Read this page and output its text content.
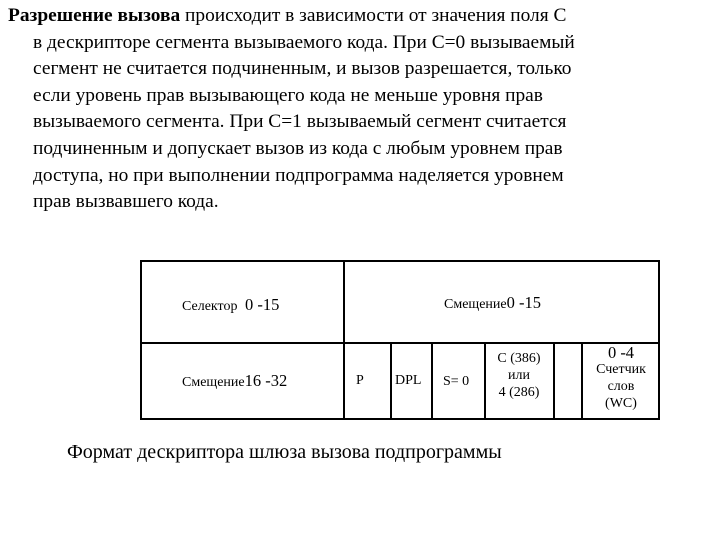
Разрешение вызова происходит в зависимости от значения поля С
в дескрипторе сегмента вызываемого кода. При С=0 вызываемый
сегмент не считается подчиненным, и вызов разрешается, только
если уровень прав вызывающего кода не меньше уровня прав
вызываемого сегмента. При С=1 вызываемый сегмент считается
подчиненным и допускает вызов из кода с любым уровнем прав
доступа, но при выполнении подпрограмма наделяется уровнем
прав вызвавшего кода.
Селектор 0 -15	Смещение0 -15
Смещение16 -32	P DPL S= 0
С (386)
или
4 (286)
0 -4
Счетчик
слов
(WC)
Формат дескриптора шлюза вызова подпрограммы
